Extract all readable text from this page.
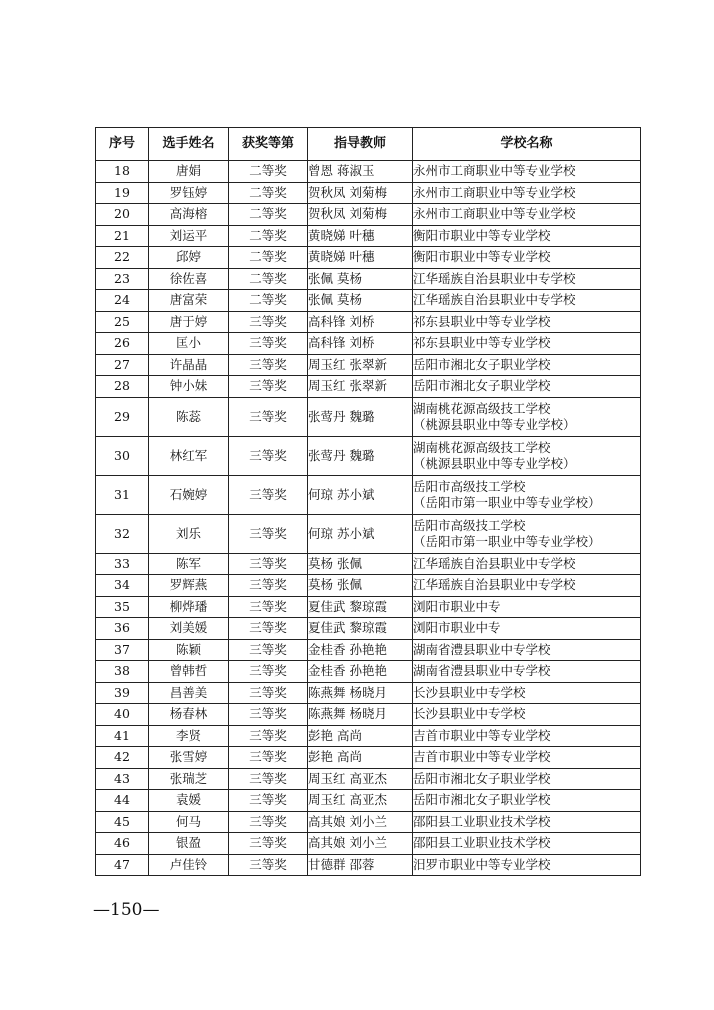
序号	选手姓名	获奖等第	指导教师	学校名称
18	唐娟	二等奖	曾恩 蒋淑玉	永州市工商职业中等专业学校

19	罗钰婷	二等奖	贺秋凤 刘菊梅	永州市工商职业中等专业学校

20	高海榕	二等奖	贺秋凤 刘菊梅	永州市工商职业中等专业学校

21	刘运平	二等奖	黄晓娣 叶穗	衡阳市职业中等专业学校

22	邱婷	二等奖	黄晓娣 叶穗	衡阳市职业中等专业学校

23	徐佐喜	二等奖	张佩 莫杨	江华瑶族自治县职业中专学校

24	唐富荣	二等奖	张佩 莫杨	江华瑶族自治县职业中专学校

25	唐于婷	三等奖	高科锋 刘桥	祁东县职业中等专业学校

26	匡小	三等奖	高科锋 刘桥	祁东县职业中等专业学校

27	许晶晶	三等奖	周玉红 张翠新	岳阳市湘北女子职业学校

28	钟小妹	三等奖	周玉红 张翠新	岳阳市湘北女子职业学校

29	陈蕊	三等奖	张莺丹 魏璐	湖南桃花源高级技工学校
（桃源县职业中等专业学校）

30	林红军	三等奖	张莺丹 魏璐	湖南桃花源高级技工学校
（桃源县职业中等专业学校）

31	石婉婷	三等奖	何琼 苏小斌	岳阳市高级技工学校
（岳阳市第一职业中等专业学校）

32	刘乐	三等奖	何琼 苏小斌	岳阳市高级技工学校
（岳阳市第一职业中等专业学校）

33	陈军	三等奖	莫杨 张佩	江华瑶族自治县职业中专学校

34	罗辉燕	三等奖	莫杨 张佩	江华瑶族自治县职业中专学校

35	柳烨璠	三等奖	夏佳武 黎琼霞	浏阳市职业中专

36	刘美媛	三等奖	夏佳武 黎琼霞	浏阳市职业中专

37	陈颖	三等奖	金桂香 孙艳艳	湖南省澧县职业中专学校

38	曾韩哲	三等奖	金桂香 孙艳艳	湖南省澧县职业中专学校

39	昌善美	三等奖	陈燕舞 杨晓月	长沙县职业中专学校

40	杨春林	三等奖	陈燕舞 杨晓月	长沙县职业中专学校

41	李贤	三等奖	彭艳 高尚	吉首市职业中等专业学校

42	张雪婷	三等奖	彭艳 高尚	吉首市职业中等专业学校

43	张瑞芝	三等奖	周玉红 高亚杰	岳阳市湘北女子职业学校

44	袁媛	三等奖	周玉红 高亚杰	岳阳市湘北女子职业学校

45	何马	三等奖	高其娘 刘小兰	邵阳县工业职业技术学校

46	银盈	三等奖	高其娘 刘小兰	邵阳县工业职业技术学校

47	卢佳铃	三等奖	甘德群 邵蓉	汨罗市职业中等专业学校
—150—
